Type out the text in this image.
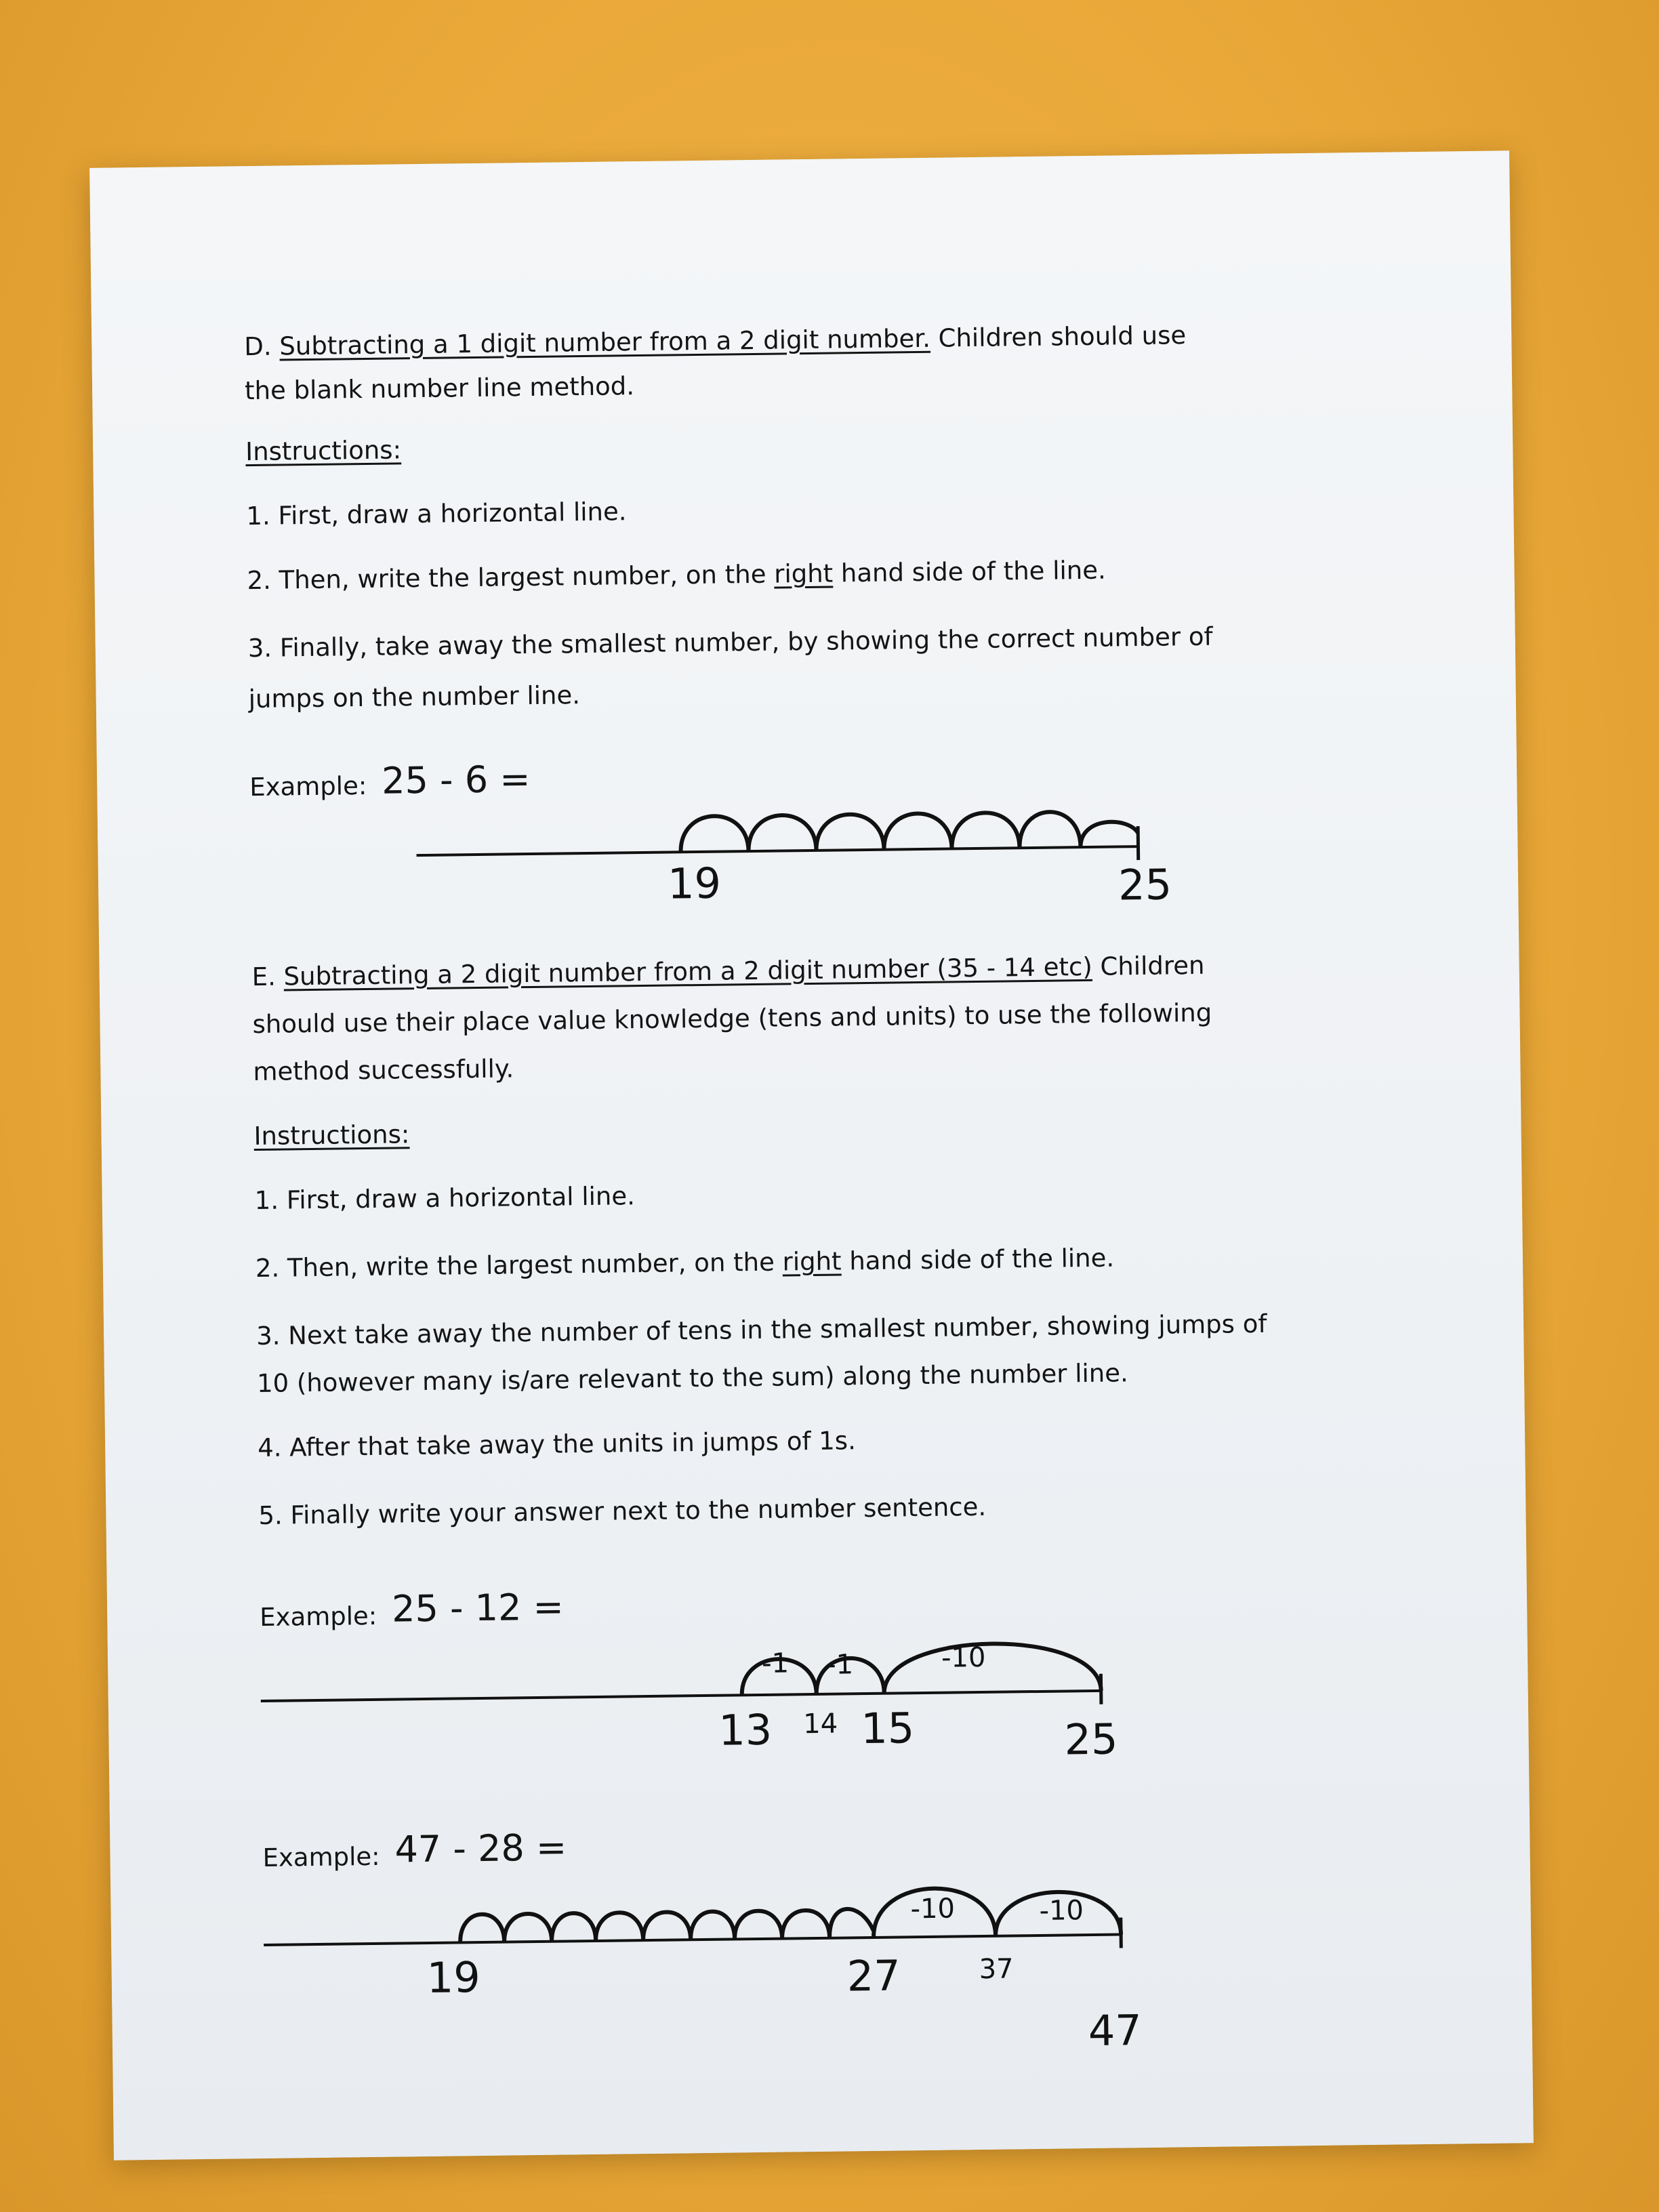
D. Subtracting a 1 digit number from a 2 digit number. Children should use
the blank number line method.
Instructions:
1. First, draw a horizontal line.
2. Then, write the largest number, on the right hand side of the line.
3. Finally, take away the smallest number, by showing the correct number of
jumps on the number line.
Example: 25 - 6 =
19	25
E. Subtracting a 2 digit number from a 2 digit number (35 - 14 etc) Children
should use their place value knowledge (tens and units) to use the following
method successfully.
Instructions:
1. First, draw a horizontal line.
2. Then, write the largest number, on the right hand side of the line.
3. Next take away the number of tens in the smallest number, showing jumps of
10 (however many is/are relevant to the sum) along the number line.
4. After that take away the units in jumps of 1s.
5. Finally write your answer next to the number sentence.
Example: 25 - 12 =
-1 -1	-10
13 14 15	25
Example: 47 - 28 =
-10	-10
19	27	37
47
